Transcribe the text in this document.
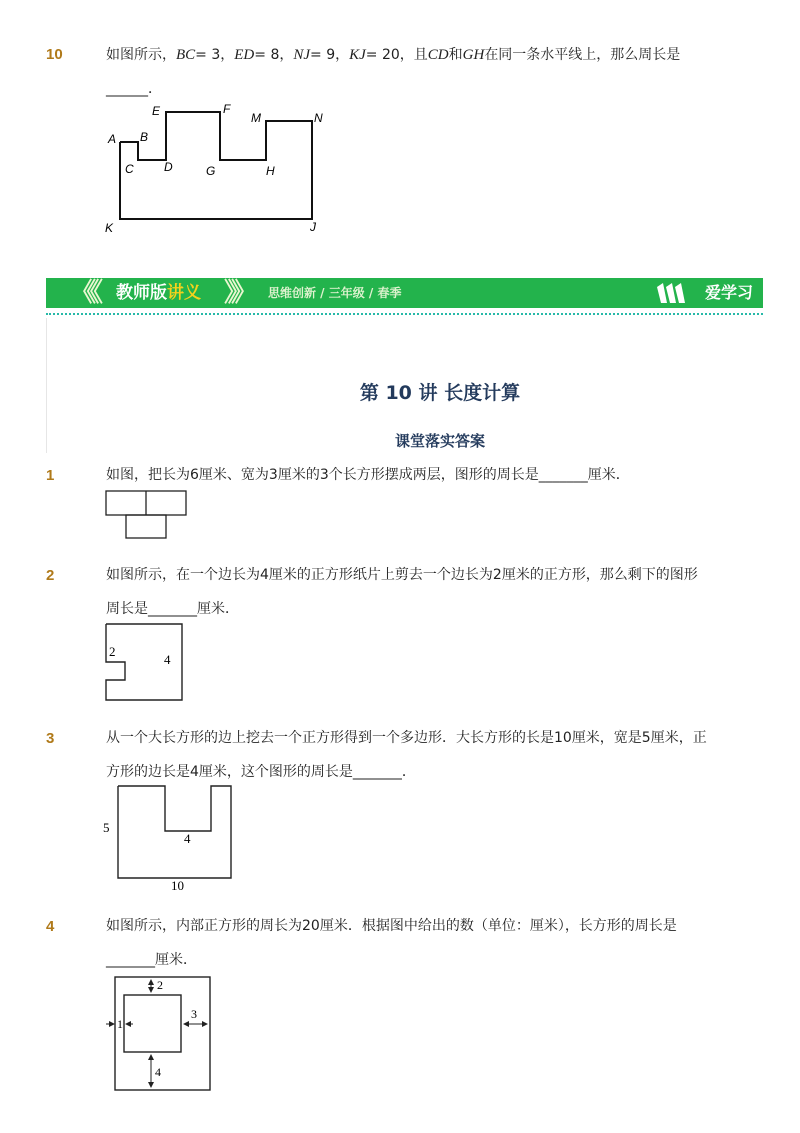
10	如图所示，BC= 3，ED= 8，NJ= 9，KJ= 20，且CD和GH在同一条水平线上，那么周长是
______．
A B
C	D
E	F
G	H
M	N
K	J
《《 教师版讲义 》》 思维创新 / 三年级 / 春季	爱学习
第 10 讲 长度计算
课堂落实答案
1	如图，把长为6厘米、宽为3厘米的3个长方形摆成两层，图形的周长是_______厘米．
2	如图所示，在一个边长为4厘米的正方形纸片上剪去一个边长为2厘米的正方形，那么剩下的图形
周长是_______厘米．
2
4
3	从一个大长方形的边上挖去一个正方形得到一个多边形．大长方形的长是10厘米，宽是5厘米，正
方形的边长是4厘米，这个图形的周长是_______．
5
4
10
4	如图所示，内部正方形的周长为20厘米．根据图中给出的数（单位：厘米），长方形的周长是
_______厘米．
2
1
3
4
